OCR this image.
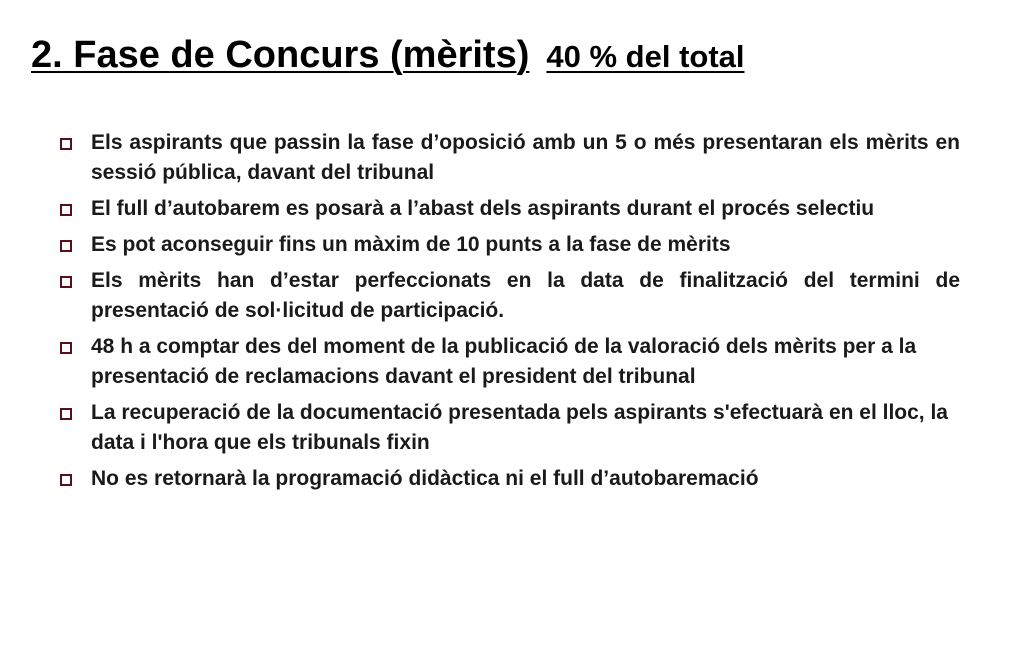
2. Fase de Concurs (mèrits) 40 % del total
Els aspirants que passin la fase d’oposició amb un 5 o més presentaran els mèrits en sessió pública, davant del tribunal
El full d’autobarem es posarà a l’abast dels aspirants durant el procés selectiu
Es pot aconseguir fins un màxim de 10 punts a la fase de mèrits
Els mèrits han d’estar perfeccionats en la data de finalització del termini de presentació de sol·licitud de participació.
48 h a comptar des del moment de la publicació de la valoració dels mèrits per a la presentació de reclamacions davant el president del tribunal
La recuperació de la documentació presentada pels aspirants s'efectuarà en el lloc, la data i l'hora que els tribunals fixin
No es retornarà la programació didàctica ni el full d’autobaremació
